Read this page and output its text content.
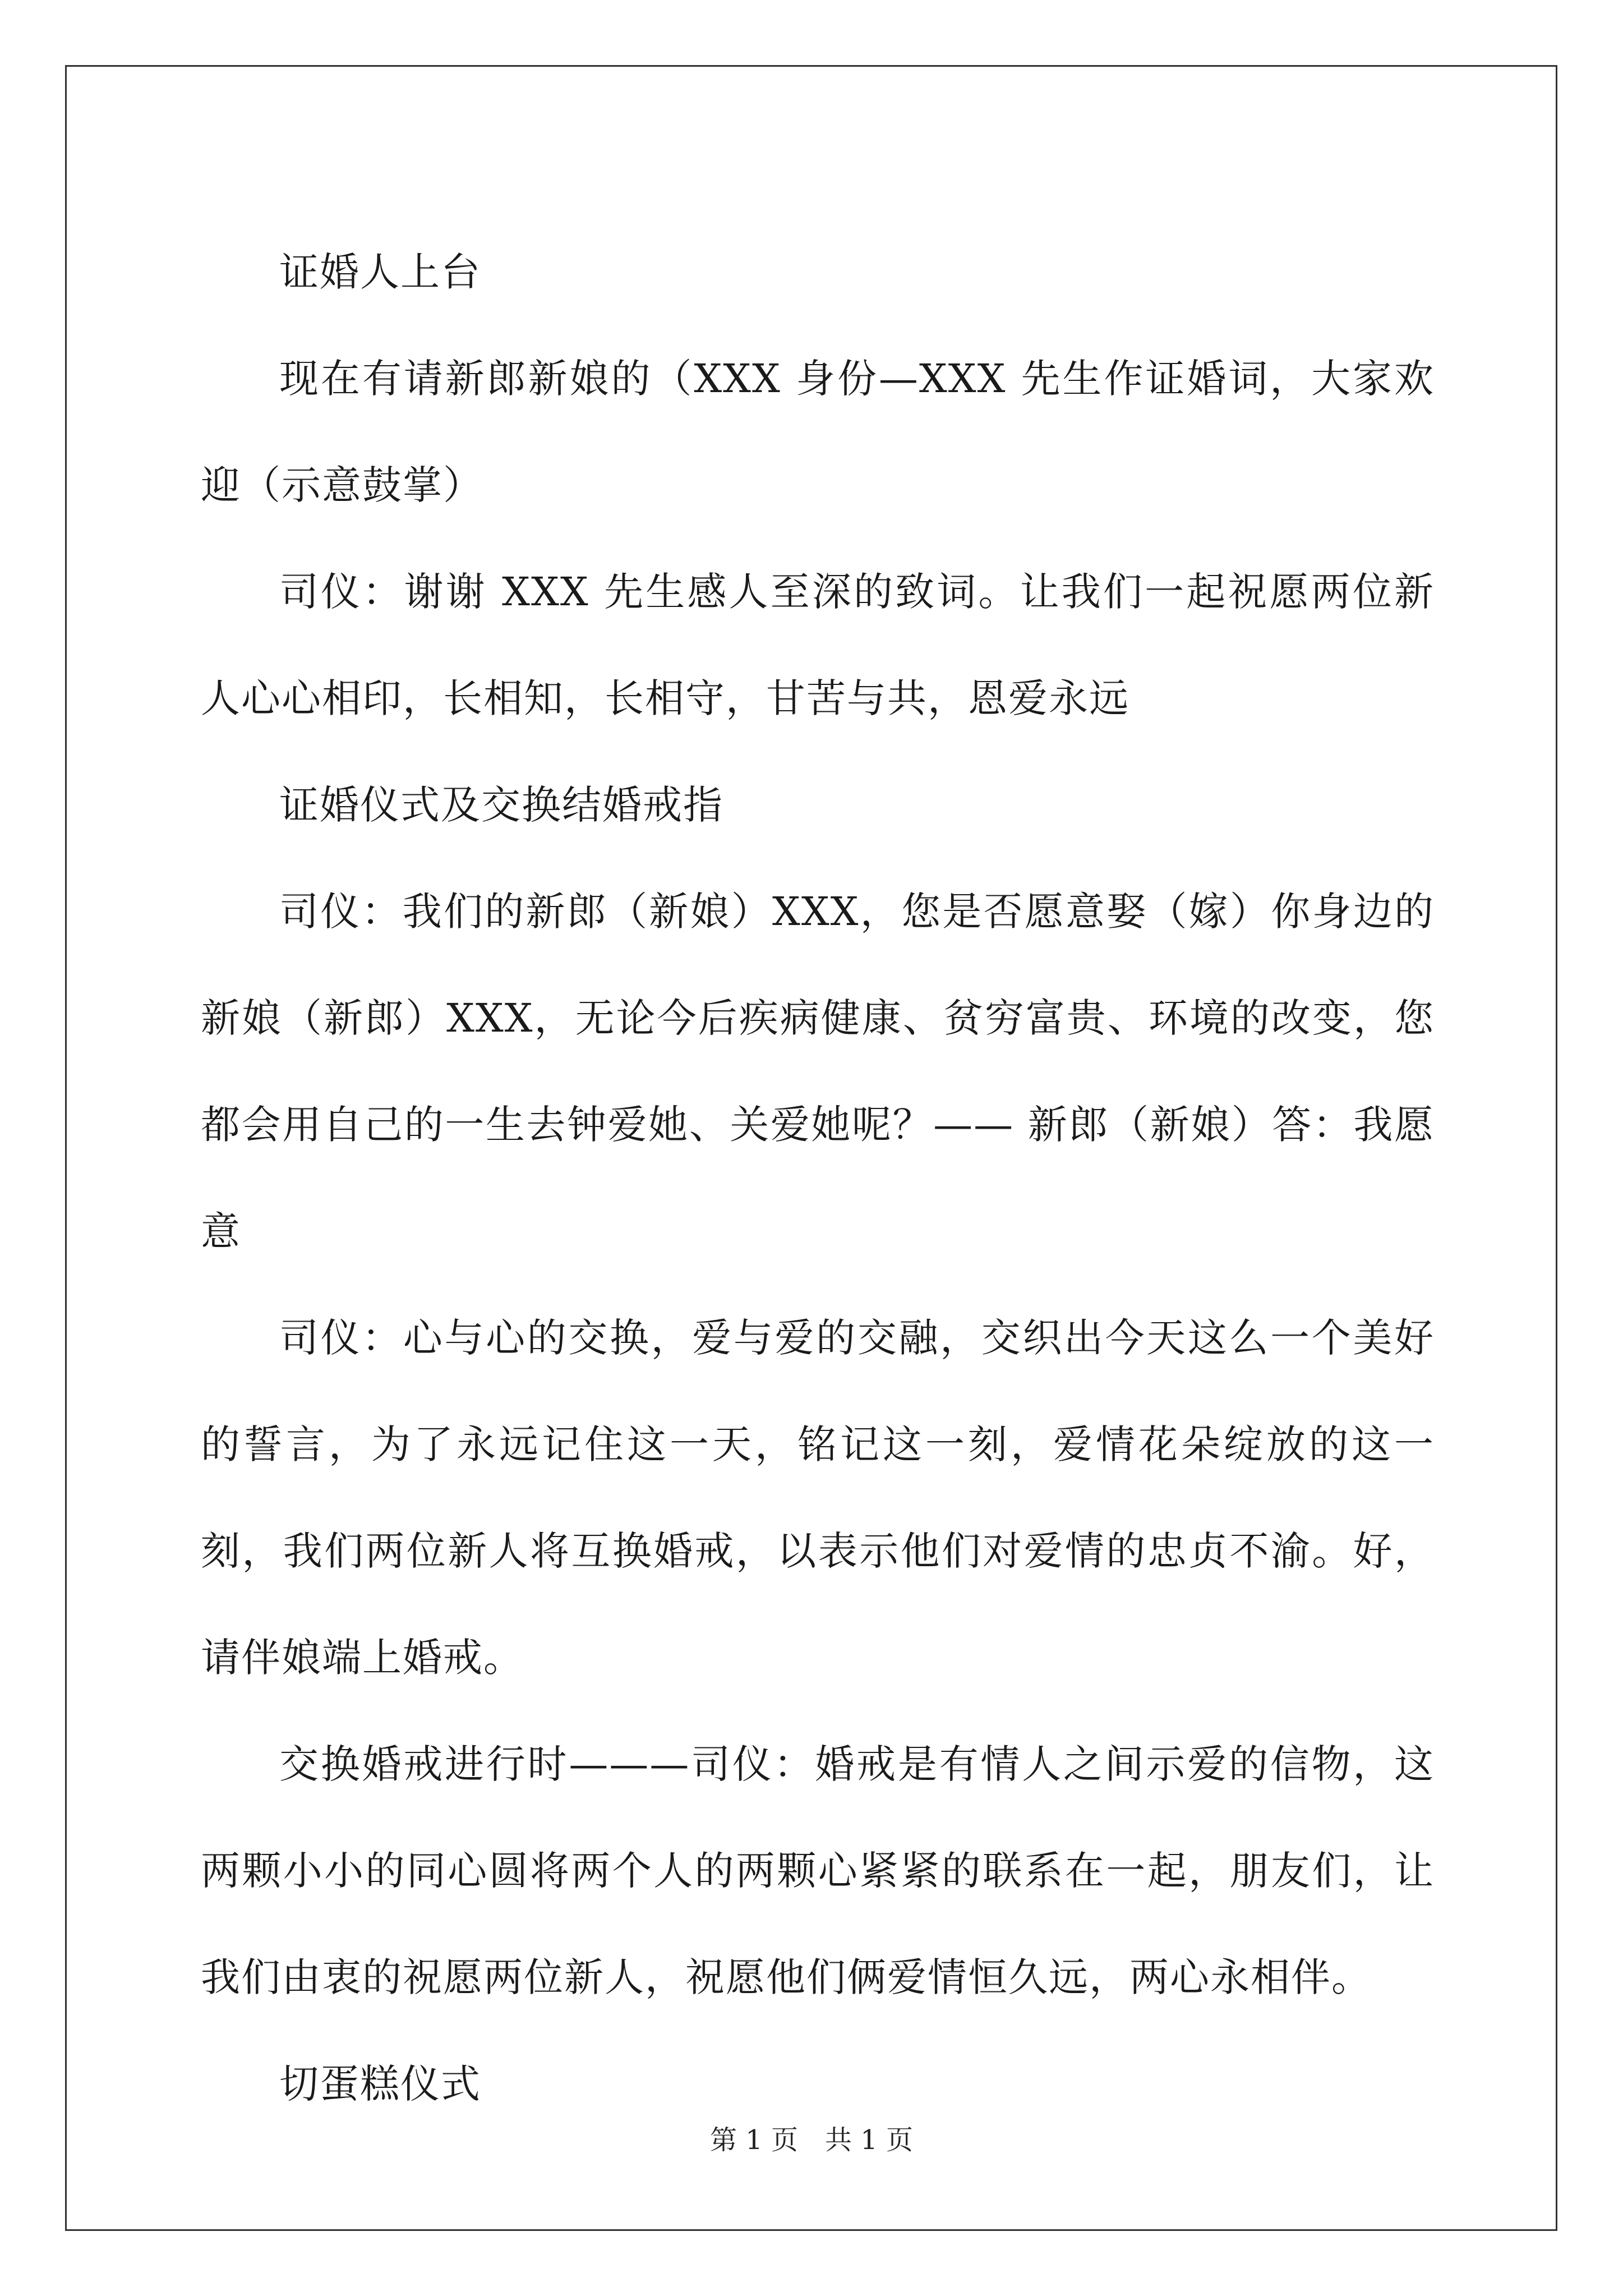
证婚人上台

现在有请新郎新娘的（XXX 身份—XXX 先生作证婚词，大家欢迎（示意鼓掌）

司仪：谢谢 XXX 先生感人至深的致词。让我们一起祝愿两位新人心心相印，长相知，长相守，甘苦与共，恩爱永远

证婚仪式及交换结婚戒指

司仪：我们的新郎（新娘）XXX，您是否愿意娶（嫁）你身边的新娘（新郎）XXX，无论今后疾病健康、贫穷富贵、环境的改变，您都会用自己的一生去钟爱她、关爱她呢？—— 新郎（新娘）答：我愿意

司仪：心与心的交换，爱与爱的交融，交织出今天这么一个美好的誓言，为了永远记住这一天，铭记这一刻，爱情花朵绽放的这一刻，我们两位新人将互换婚戒，以表示他们对爱情的忠贞不渝。好，请伴娘端上婚戒。

交换婚戒进行时———司仪：婚戒是有情人之间示爱的信物，这两颗小小的同心圆将两个人的两颗心紧紧的联系在一起，朋友们，让我们由衷的祝愿两位新人，祝愿他们俩爱情恒久远，两心永相伴。

切蛋糕仪式

第 1 页　共 1 页
